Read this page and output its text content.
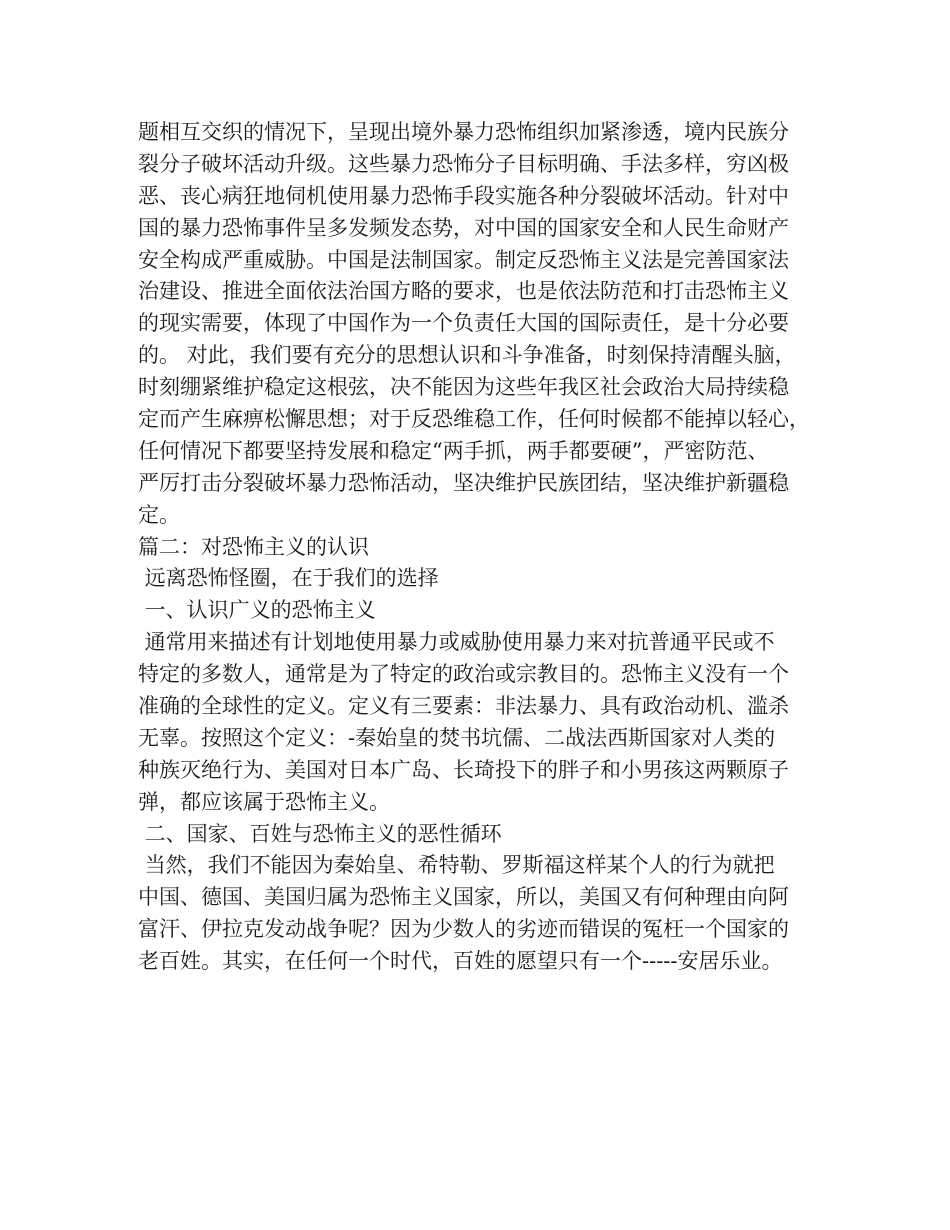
题相互交织的情况下，呈现出境外暴力恐怖组织加紧渗透，境内民族分
裂分子破坏活动升级。这些暴力恐怖分子目标明确、手法多样，穷凶极
恶、丧心病狂地伺机使用暴力恐怖手段实施各种分裂破坏活动。针对中
国的暴力恐怖事件呈多发频发态势，对中国的国家安全和人民生命财产
安全构成严重威胁。中国是法制国家。制定反恐怖主义法是完善国家法
治建设、推进全面依法治国方略的要求，也是依法防范和打击恐怖主义
的现实需要，体现了中国作为一个负责任大国的国际责任，是十分必要
的。 对此，我们要有充分的思想认识和斗争准备，时刻保持清醒头脑，
时刻绷紧维护稳定这根弦，决不能因为这些年我区社会政治大局持续稳
定而产生麻痹松懈思想；对于反恐维稳工作，任何时候都不能掉以轻心，
任何情况下都要坚持发展和稳定“两手抓，两手都要硬”，严密防范、
严厉打击分裂破坏暴力恐怖活动，坚决维护民族团结，坚决维护新疆稳
定。
篇二：对恐怖主义的认识
远离恐怖怪圈，在于我们的选择
一、认识广义的恐怖主义
通常用来描述有计划地使用暴力或威胁使用暴力来对抗普通平民或不
特定的多数人，通常是为了特定的政治或宗教目的。恐怖主义没有一个
准确的全球性的定义。定义有三要素：非法暴力、具有政治动机、滥杀
无辜。按照这个定义：-秦始皇的焚书坑儒、二战法西斯国家对人类的
种族灭绝行为、美国对日本广岛、长琦投下的胖子和小男孩这两颗原子
弹，都应该属于恐怖主义。
二、国家、百姓与恐怖主义的恶性循环
当然，我们不能因为秦始皇、希特勒、罗斯福这样某个人的行为就把
中国、德国、美国归属为恐怖主义国家，所以，美国又有何种理由向阿
富汗、伊拉克发动战争呢？因为少数人的劣迹而错误的冤枉一个国家的
老百姓。其实，在任何一个时代，百姓的愿望只有一个-----安居乐业。
